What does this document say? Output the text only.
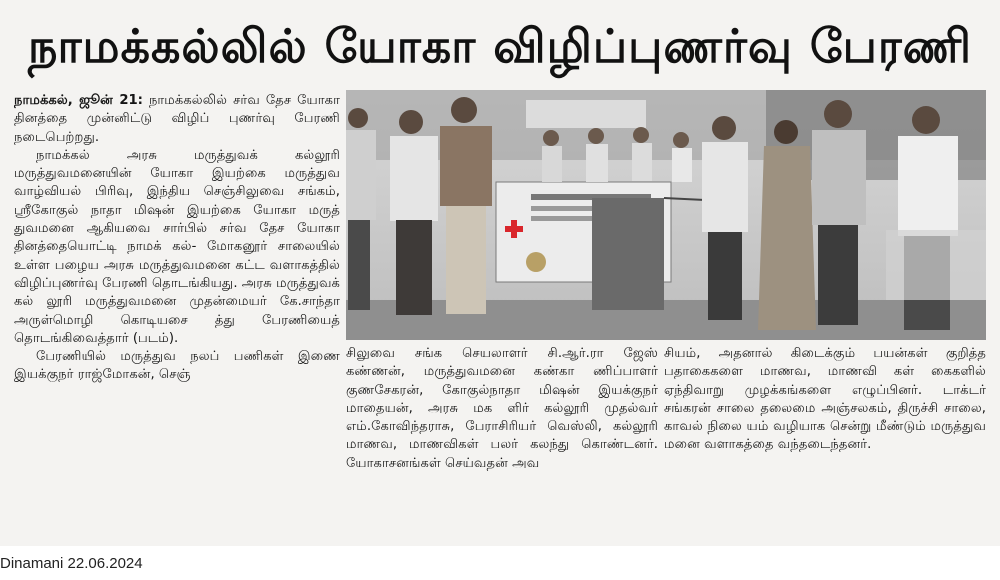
நாமக்கல்லில் யோகா விழிப்புணர்வு பேரணி

நாமக்கல், ஜூன் 21: நாமக்கல்லில் சர்வ தேச யோகா தினத்தை முன்னிட்டு விழிப் புணர்வு பேரணி நடைபெற்றது.

நாமக்கல் அரசு மருத்துவக் கல்லூரி மருத்துவமனையின் யோகா இயற்கை மருத்துவ வாழ்வியல் பிரிவு, இந்திய செஞ்சிலுவை சங்கம், ஸ்ரீகோகுல் நாதா மிஷன் இயற்கை யோகா மருத் துவமனை ஆகியவை சார்பில் சர்வ தேச யோகா தினத்தையொட்டி நாமக் கல்- மோகனூர் சாலையில் உள்ள பழைய அரசு மருத்துவமனை கட்ட வளாகத்தில் விழிப்புணர்வு பேரணி தொடங்கியது. அரசு மருத்துவக் கல் லூரி மருத்துவமனை முதன்மையர் கே.சாந்தா அருள்மொழி கொடியசை த்து பேரணியைத் தொடங்கிவைத்தார் (படம்).

பேரணியில் மருத்துவ நலப் பணிகள் இணை இயக்குநர் ராஜ்மோகன், செஞ்

சிலுவை சங்க செயலாளர் சி.ஆர்.ரா ஜேஸ் கண்ணன், மருத்துவமனை கண்கா ணிப்பாளர் குணசேகரன், கோகுல்நாதா மிஷன் இயக்குநர் மாதையன், அரசு மக ளிர் கல்லூரி முதல்வர் எம்.கோவிந்தராசு, பேராசிரியர் வெஸ்லி, கல்லூரி மாணவ, மாணவிகள் பலர் கலந்து கொண்டனர். யோகாசனங்கள் செய்வதன் அவ

சியம், அதனால் கிடைக்கும் பயன்கள் குறித்த பதாகைகளை மாணவ, மாணவி கள் கைகளில் ஏந்திவாறு முழக்கங்களை எழுப்பினர். டாக்டர் சங்கரன் சாலை தலைமை அஞ்சலகம், திருச்சி சாலை, காவல் நிலை யம் வழியாக சென்று மீண்டும் மருத்துவ மனை வளாகத்தை வந்தடைந்தனர்.

Dinamani 22.06.2024
